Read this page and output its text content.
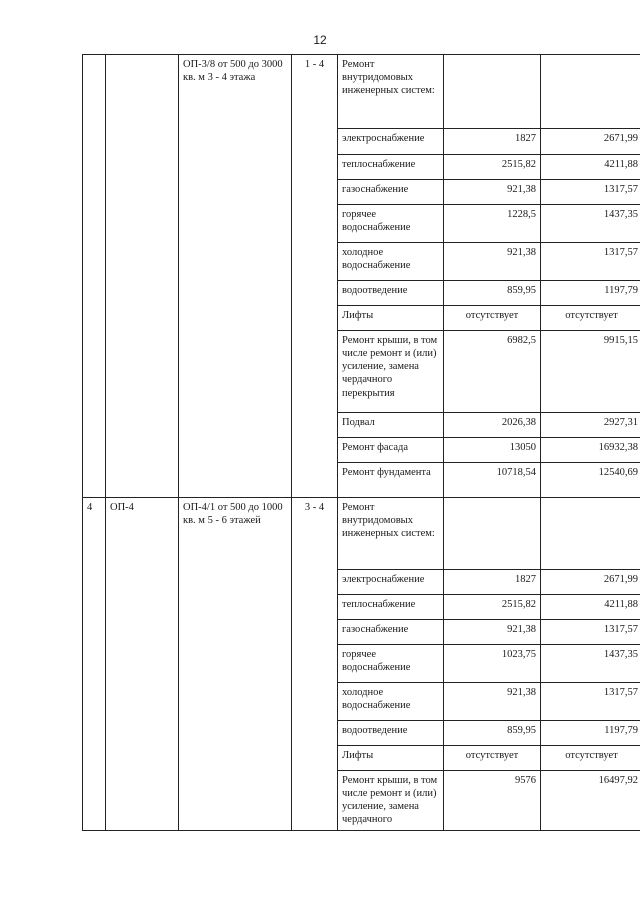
12
		ОП-3/8 от 500 до 3000 кв. м 3 - 4 этажа	1 - 4	Ремонт внутридомовых инженерных систем:		
				электроснабжение	1827	2671,99
				теплоснабжение	2515,82	4211,88
				газоснабжение	921,38	1317,57
				горячее водоснабжение	1228,5	1437,35
				холодное водоснабжение	921,38	1317,57
				водоотведение	859,95	1197,79
				Лифты	отсутствует	отсутствует
				Ремонт крыши, в том числе ремонт и (или) усиление, замена чердачного перекрытия	6982,5	9915,15
				Подвал	2026,38	2927,31
				Ремонт фасада	13050	16932,38
				Ремонт фундамента	10718,54	12540,69
4	ОП-4	ОП-4/1 от 500 до 1000 кв. м 5 - 6 этажей	3 - 4	Ремонт внутридомовых инженерных систем:		
				электроснабжение	1827	2671,99
				теплоснабжение	2515,82	4211,88
				газоснабжение	921,38	1317,57
				горячее водоснабжение	1023,75	1437,35
				холодное водоснабжение	921,38	1317,57
				водоотведение	859,95	1197,79
				Лифты	отсутствует	отсутствует
				Ремонт крыши, в том числе ремонт и (или) усиление, замена чердачного	9576	16497,92
